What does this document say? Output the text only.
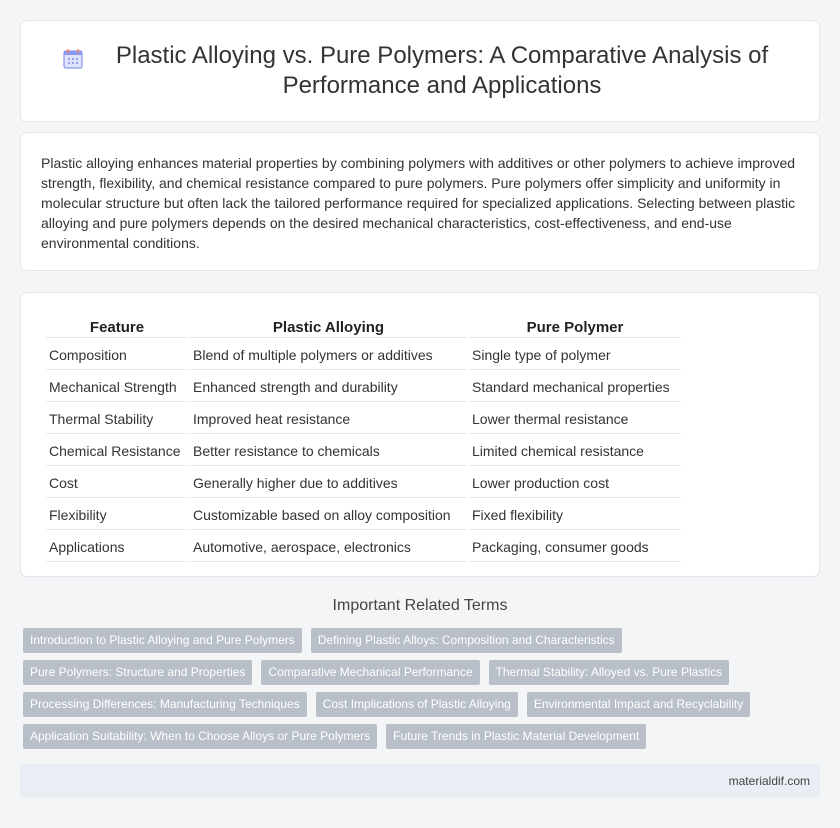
Plastic Alloying vs. Pure Polymers: A Comparative Analysis of Performance and Applications

Plastic alloying enhances material properties by combining polymers with additives or other polymers to achieve improved strength, flexibility, and chemical resistance compared to pure polymers. Pure polymers offer simplicity and uniformity in molecular structure but often lack the tailored performance required for specialized applications. Selecting between plastic alloying and pure polymers depends on the desired mechanical characteristics, cost-effectiveness, and end-use environmental conditions.

Feature	Plastic Alloying	Pure Polymer
Composition	Blend of multiple polymers or additives	Single type of polymer
Mechanical Strength	Enhanced strength and durability	Standard mechanical properties
Thermal Stability	Improved heat resistance	Lower thermal resistance
Chemical Resistance	Better resistance to chemicals	Limited chemical resistance
Cost	Generally higher due to additives	Lower production cost
Flexibility	Customizable based on alloy composition	Fixed flexibility
Applications	Automotive, aerospace, electronics	Packaging, consumer goods
Important Related Terms
Introduction to Plastic Alloying and Pure Polymers	Defining Plastic Alloys: Composition and Characteristics
Pure Polymers: Structure and Properties	Comparative Mechanical Performance	Thermal Stability: Alloyed vs. Pure Plastics
Processing Differences: Manufacturing Techniques	Cost Implications of Plastic Alloying	Environmental Impact and Recyclability
Application Suitability: When to Choose Alloys or Pure Polymers	Future Trends in Plastic Material Development
materialdif.com
